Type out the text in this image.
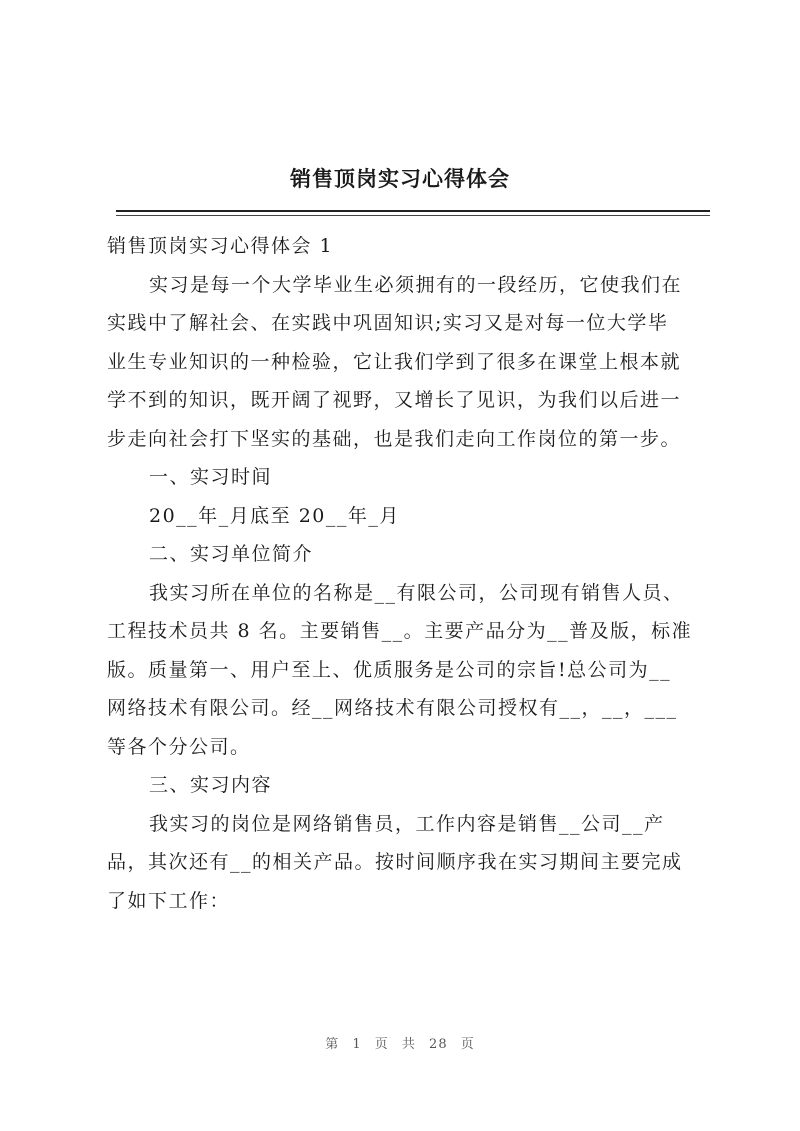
销售顶岗实习心得体会
销售顶岗实习心得体会 1
实习是每一个大学毕业生必须拥有的一段经历，它使我们在
实践中了解社会、在实践中巩固知识;实习又是对每一位大学毕
业生专业知识的一种检验，它让我们学到了很多在课堂上根本就
学不到的知识，既开阔了视野，又增长了见识，为我们以后进一
步走向社会打下坚实的基础，也是我们走向工作岗位的第一步。
一、实习时间
20__年_月底至 20__年_月
二、实习单位简介
我实习所在单位的名称是__有限公司，公司现有销售人员、
工程技术员共 8 名。主要销售__。主要产品分为__普及版，标准
版。质量第一、用户至上、优质服务是公司的宗旨!总公司为__
网络技术有限公司。经__网络技术有限公司授权有__，__，___
等各个分公司。
三、实习内容
我实习的岗位是网络销售员，工作内容是销售__公司__产
品，其次还有__的相关产品。按时间顺序我在实习期间主要完成
了如下工作：
第 1 页 共 28 页
